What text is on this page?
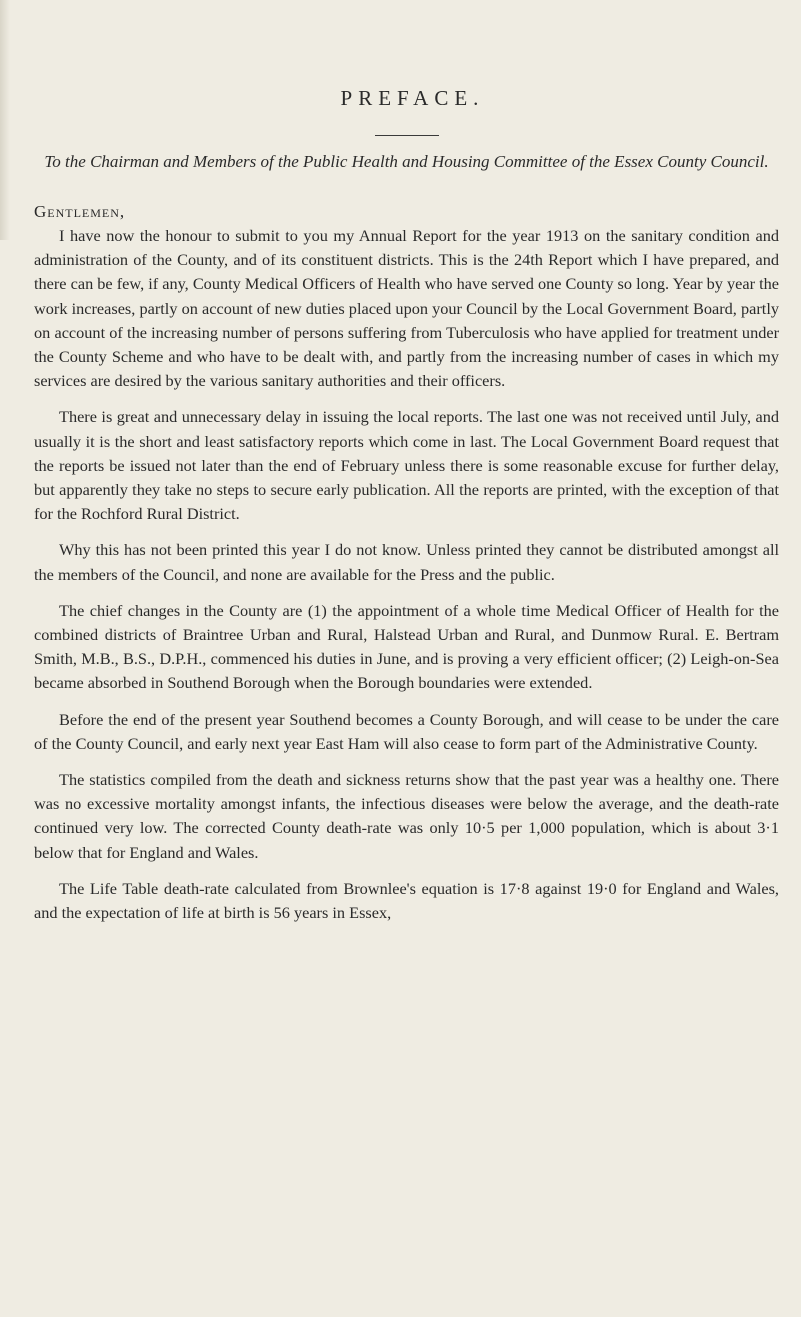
PREFACE.
To the Chairman and Members of the Public Health and Housing Committee of the Essex County Council.
Gentlemen,

I have now the honour to submit to you my Annual Report for the year 1913 on the sanitary condition and administration of the County, and of its constituent districts. This is the 24th Report which I have prepared, and there can be few, if any, County Medical Officers of Health who have served one County so long. Year by year the work increases, partly on account of new duties placed upon your Council by the Local Government Board, partly on account of the increasing number of persons suffering from Tuberculosis who have applied for treatment under the County Scheme and who have to be dealt with, and partly from the increasing number of cases in which my services are desired by the various sanitary authorities and their officers.

There is great and unnecessary delay in issuing the local reports. The last one was not received until July, and usually it is the short and least satisfactory reports which come in last. The Local Government Board request that the reports be issued not later than the end of February unless there is some reasonable excuse for further delay, but apparently they take no steps to secure early publication. All the reports are printed, with the exception of that for the Rochford Rural District.

Why this has not been printed this year I do not know. Unless printed they cannot be distributed amongst all the members of the Council, and none are available for the Press and the public.

The chief changes in the County are (1) the appointment of a whole time Medical Officer of Health for the combined districts of Braintree Urban and Rural, Halstead Urban and Rural, and Dunmow Rural. E. Bertram Smith, M.B., B.S., D.P.H., commenced his duties in June, and is proving a very efficient officer; (2) Leigh-on-Sea became absorbed in Southend Borough when the Borough boundaries were extended.

Before the end of the present year Southend becomes a County Borough, and will cease to be under the care of the County Council, and early next year East Ham will also cease to form part of the Administrative County.

The statistics compiled from the death and sickness returns show that the past year was a healthy one. There was no excessive mortality amongst infants, the infectious diseases were below the average, and the death-rate continued very low. The corrected County death-rate was only 10·5 per 1,000 population, which is about 3·1 below that for England and Wales.

The Life Table death-rate calculated from Brownlee's equation is 17·8 against 19·0 for England and Wales, and the expectation of life at birth is 56 years in Essex,
